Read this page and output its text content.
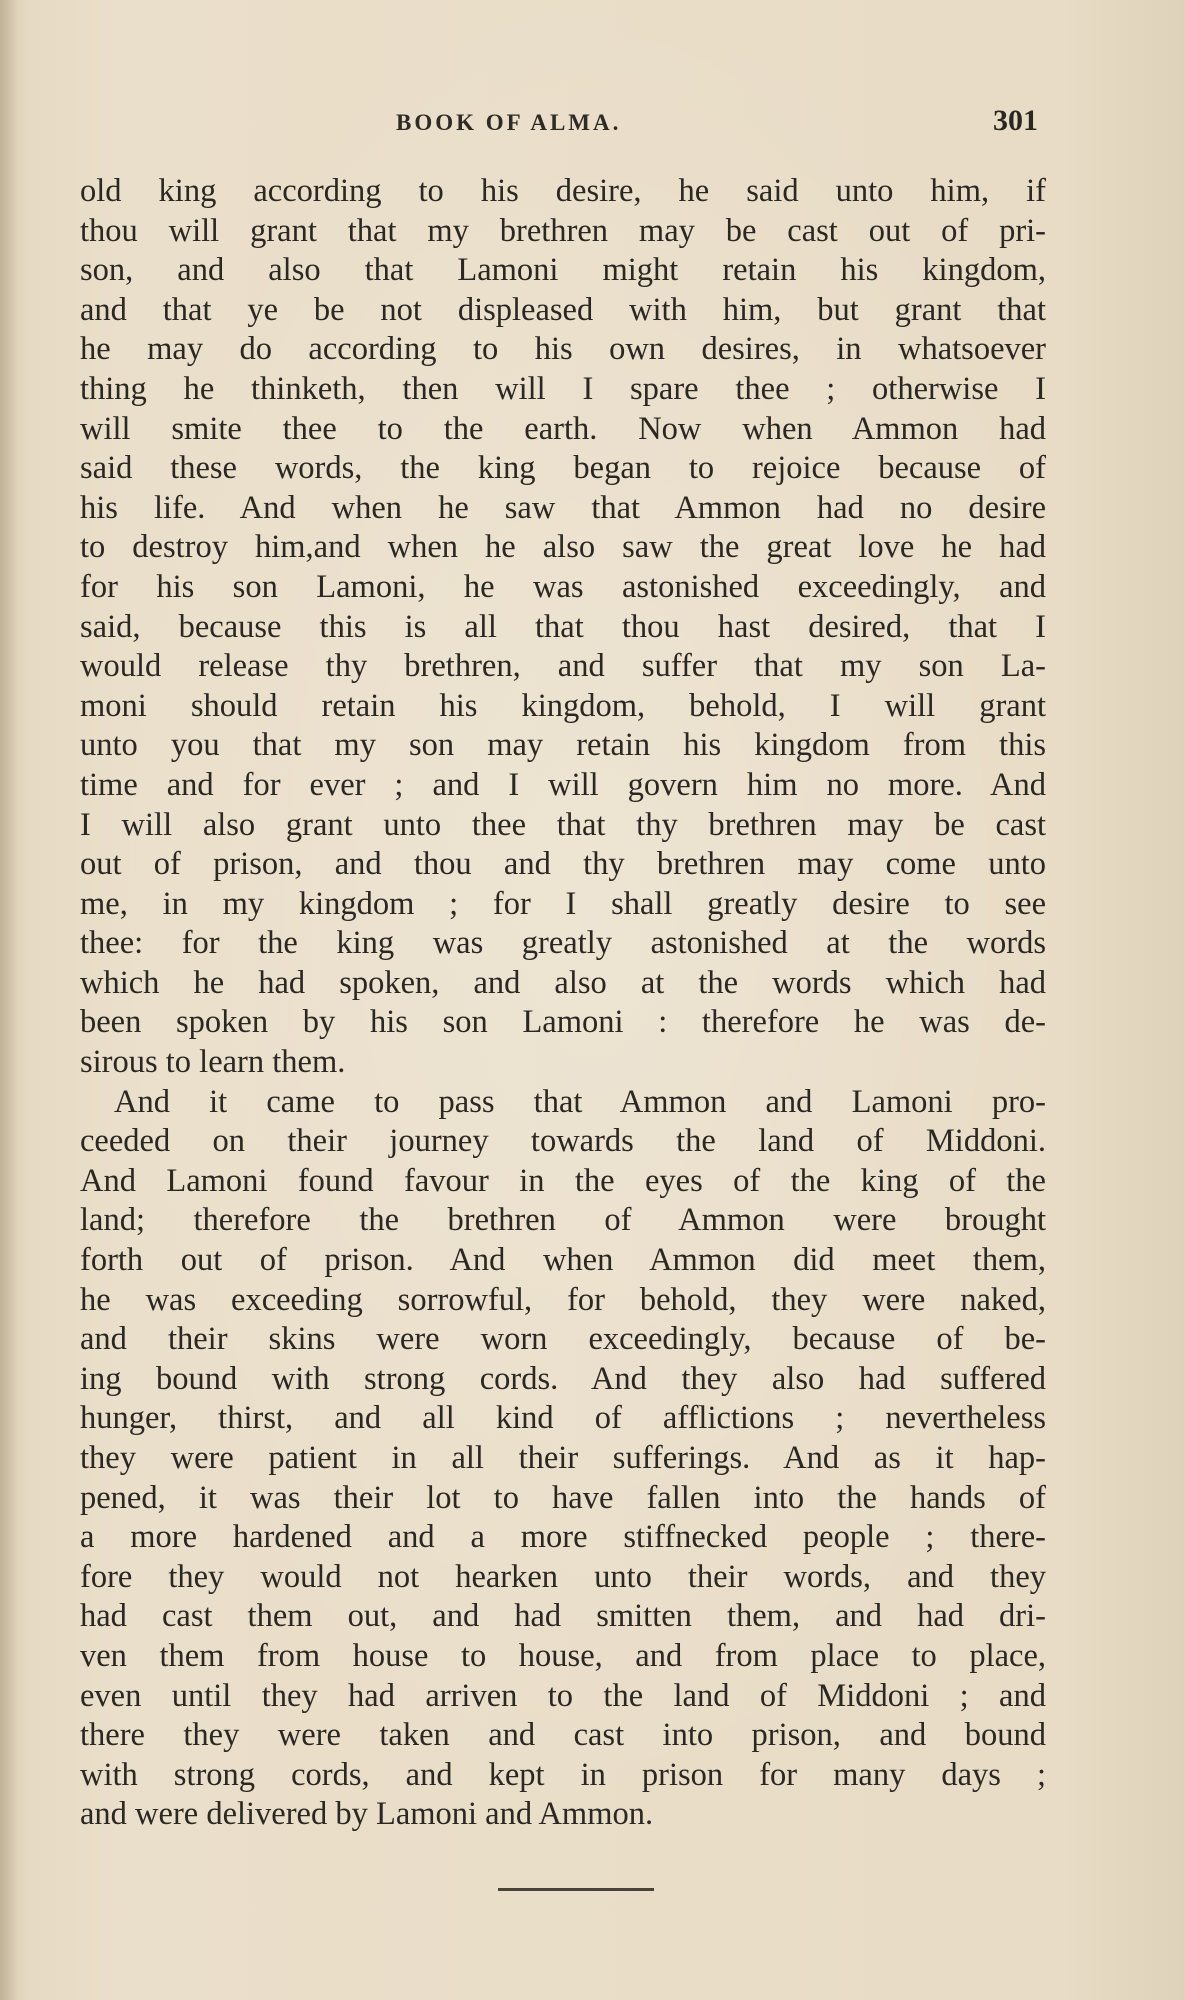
BOOK OF ALMA.	301
old king according to his desire, he said unto him, if
thou will grant that my brethren may be cast out of pri-
son, and also that Lamoni might retain his kingdom,
and that ye be not displeased with him, but grant that
he may do according to his own desires, in whatsoever
thing he thinketh, then will I spare thee ; otherwise I
will smite thee to the earth. Now when Ammon had
said these words, the king began to rejoice because of
his life. And when he saw that Ammon had no desire
to destroy him,and when he also saw the great love he had
for his son Lamoni, he was astonished exceedingly, and
said, because this is all that thou hast desired, that I
would release thy brethren, and suffer that my son La-
moni should retain his kingdom, behold, I will grant
unto you that my son may retain his kingdom from this
time and for ever ; and I will govern him no more. And
I will also grant unto thee that thy brethren may be cast
out of prison, and thou and thy brethren may come unto
me, in my kingdom ; for I shall greatly desire to see
thee: for the king was greatly astonished at the words
which he had spoken, and also at the words which had
been spoken by his son Lamoni : therefore he was de-
sirous to learn them.
And it came to pass that Ammon and Lamoni pro-
ceeded on their journey towards the land of Middoni.
And Lamoni found favour in the eyes of the king of the
land; therefore the brethren of Ammon were brought
forth out of prison. And when Ammon did meet them,
he was exceeding sorrowful, for behold, they were naked,
and their skins were worn exceedingly, because of be-
ing bound with strong cords. And they also had suffered
hunger, thirst, and all kind of afflictions ; nevertheless
they were patient in all their sufferings. And as it hap-
pened, it was their lot to have fallen into the hands of
a more hardened and a more stiffnecked people ; there-
fore they would not hearken unto their words, and they
had cast them out, and had smitten them, and had dri-
ven them from house to house, and from place to place,
even until they had arriven to the land of Middoni ; and
there they were taken and cast into prison, and bound
with strong cords, and kept in prison for many days ;
and were delivered by Lamoni and Ammon.
